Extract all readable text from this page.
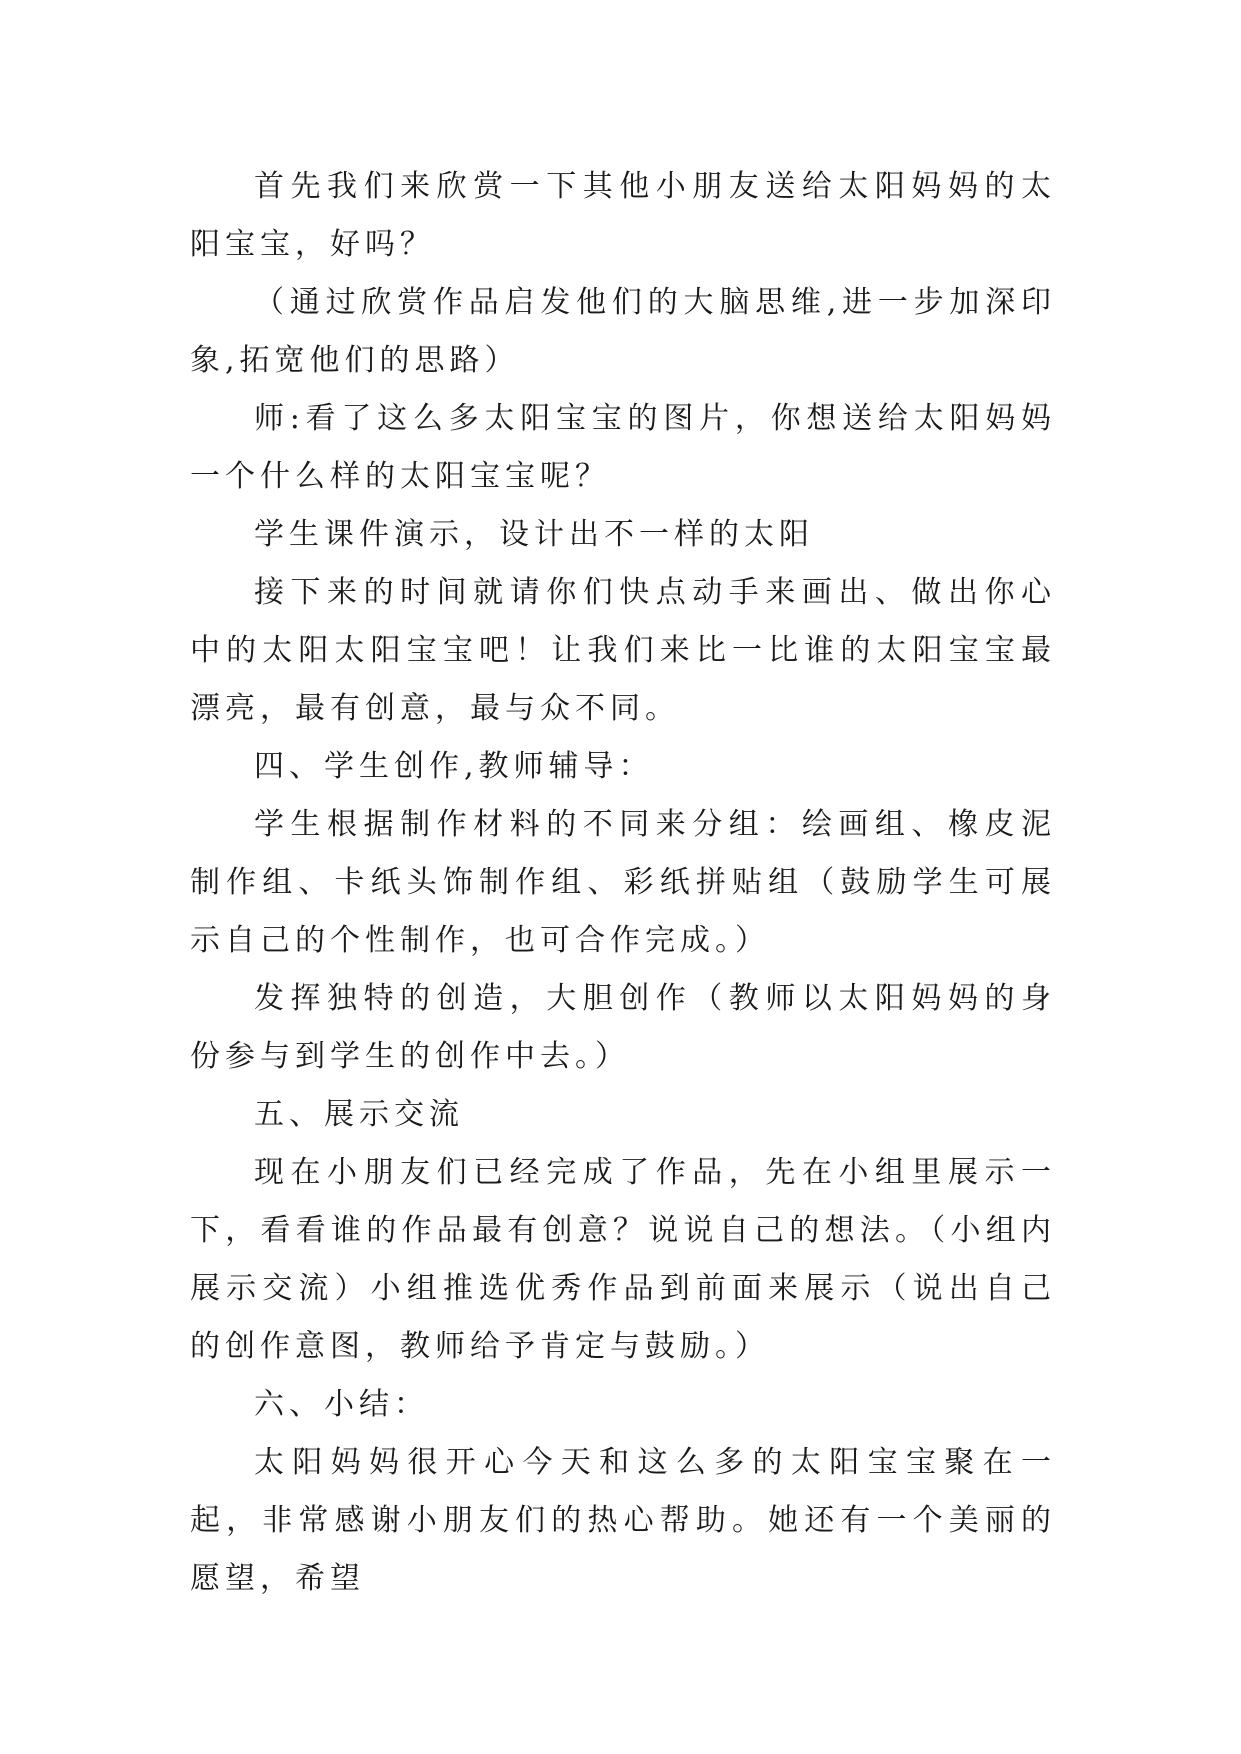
首先我们来欣赏一下其他小朋友送给太阳妈妈的太阳宝宝，好吗？

（通过欣赏作品启发他们的大脑思维,进一步加深印象,拓宽他们的思路）

师:看了这么多太阳宝宝的图片，你想送给太阳妈妈一个什么样的太阳宝宝呢？

学生课件演示，设计出不一样的太阳

接下来的时间就请你们快点动手来画出、做出你心中的太阳太阳宝宝吧！让我们来比一比谁的太阳宝宝最漂亮，最有创意，最与众不同。

四、学生创作,教师辅导：

学生根据制作材料的不同来分组：绘画组、橡皮泥制作组、卡纸头饰制作组、彩纸拼贴组（鼓励学生可展示自己的个性制作，也可合作完成。）

发挥独特的创造，大胆创作（教师以太阳妈妈的身份参与到学生的创作中去。）

五、展示交流

现在小朋友们已经完成了作品，先在小组里展示一下，看看谁的作品最有创意？说说自己的想法。（小组内展示交流）小组推选优秀作品到前面来展示（说出自己的创作意图，教师给予肯定与鼓励。）

六、小结：

太阳妈妈很开心今天和这么多的太阳宝宝聚在一起，非常感谢小朋友们的热心帮助。她还有一个美丽的愿望，希望
